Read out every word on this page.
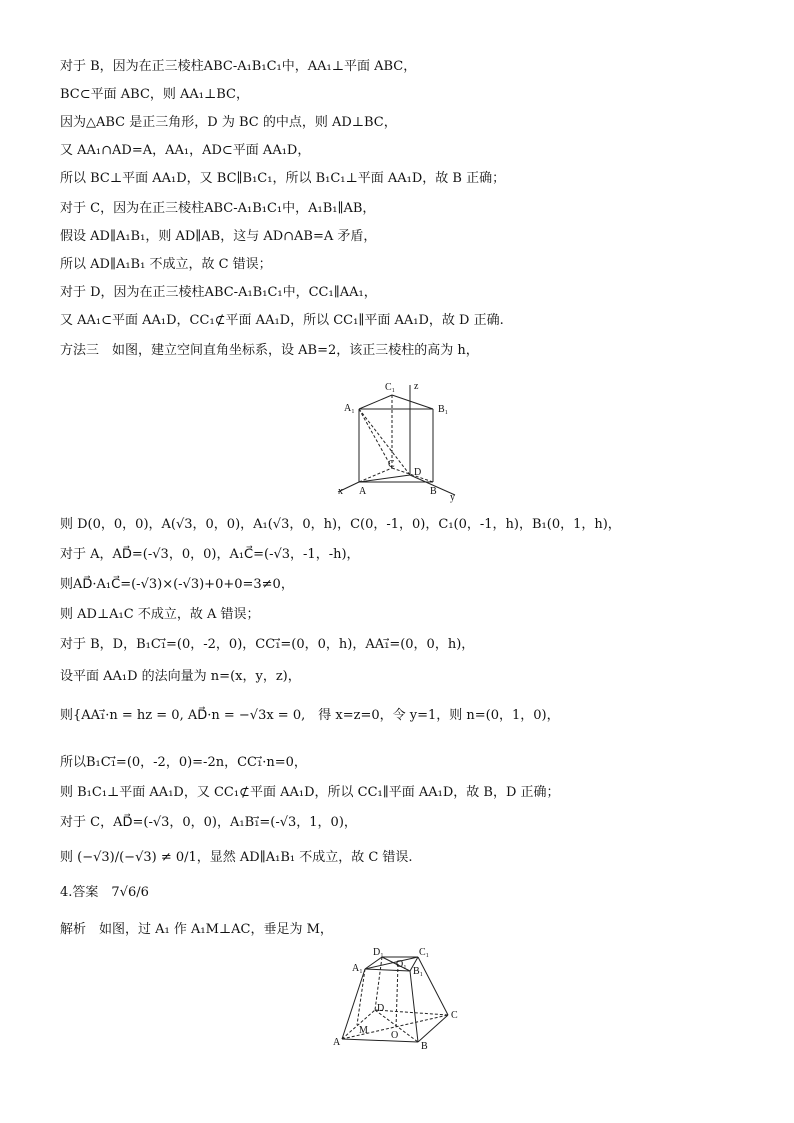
对于 B，因为在正三棱柱ABC-A₁B₁C₁中，AA₁⊥平面 ABC，
BC⊂平面 ABC，则 AA₁⊥BC，
因为△ABC 是正三角形，D 为 BC 的中点，则 AD⊥BC，
又 AA₁∩AD=A，AA₁，AD⊂平面 AA₁D，
所以 BC⊥平面 AA₁D，又 BC∥B₁C₁，所以 B₁C₁⊥平面 AA₁D，故 B 正确；
对于 C，因为在正三棱柱ABC-A₁B₁C₁中，A₁B₁∥AB，
假设 AD∥A₁B₁，则 AD∥AB，这与 AD∩AB=A 矛盾，
所以 AD∥A₁B₁ 不成立，故 C 错误；
对于 D，因为在正三棱柱ABC-A₁B₁C₁中，CC₁∥AA₁，
又 AA₁⊂平面 AA₁D，CC₁⊄平面 AA₁D，所以 CC₁∥平面 AA₁D，故 D 正确.
方法三　如图，建立空间直角坐标系，设 AB=2，该正三棱柱的高为 h，
C₁ z
A₁	B₁
C
D
x A	B
y
则 D(0，0，0)，A(√3，0，0)，A₁(√3，0，h)，C(0，-1，0)，C₁(0，-1，h)，B₁(0，1，h)，
对于 A，AD⃗=(-√3，0，0)，A₁C⃗=(-√3，-1，-h)，
则AD⃗·A₁C⃗=(-√3)×(-√3)+0+0=3≠0，
则 AD⊥A₁C 不成立，故 A 错误；
对于 B，D，B₁C₁⃗=(0，-2，0)，CC₁⃗=(0，0，h)，AA₁⃗=(0，0，h)，
设平面 AA₁D 的法向量为 n=(x，y，z)，
则{AA₁⃗·n = hz = 0, AD⃗·n = −√3x = 0,　得 x=z=0，令 y=1，则 n=(0，1，0)，
所以B₁C₁⃗=(0，-2，0)=-2n，CC₁⃗·n=0，
则 B₁C₁⊥平面 AA₁D，又 CC₁⊄平面 AA₁D，所以 CC₁∥平面 AA₁D，故 B，D 正确；
对于 C，AD⃗=(-√3，0，0)，A₁B₁⃗=(-√3，1，0)，
则 (−√3)/(−√3) ≠ 0/1，显然 AD∥A₁B₁ 不成立，故 C 错误.
4.答案　7√6/6
解析　如图，过 A₁ 作 A₁M⊥AC，垂足为 M，
D₁	C₁
A₁	O₁
B₁
D
C
M O
A	B
